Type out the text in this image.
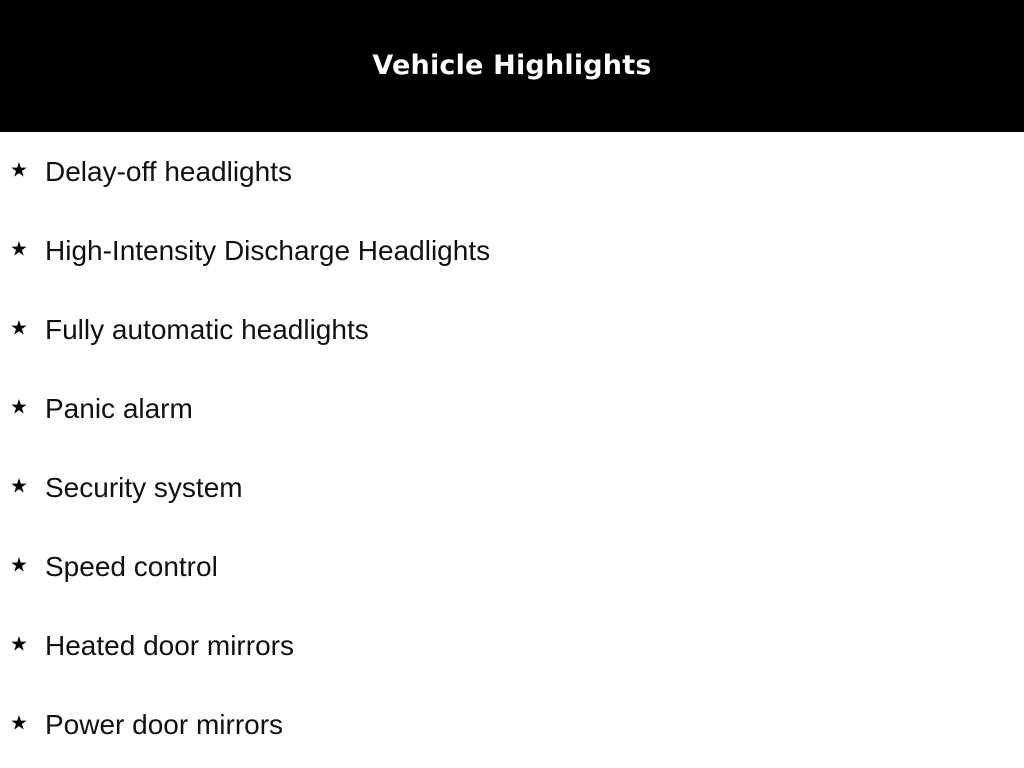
Vehicle Highlights
★ Delay-off headlights
★ High-Intensity Discharge Headlights
★ Fully automatic headlights
★ Panic alarm
★ Security system
★ Speed control
★ Heated door mirrors
★ Power door mirrors
